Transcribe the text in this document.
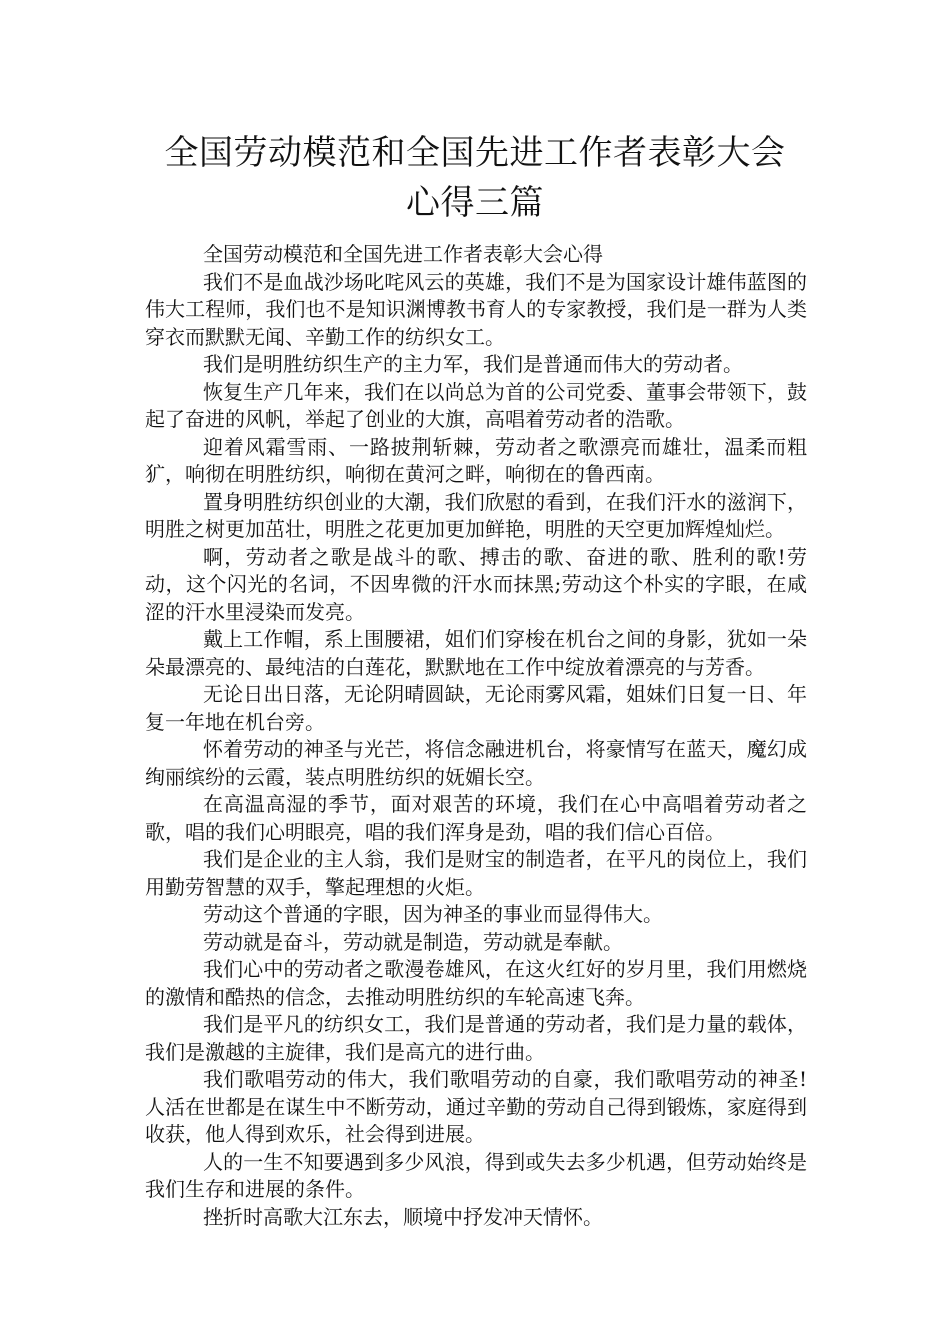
全国劳动模范和全国先进工作者表彰大会
心得三篇

全国劳动模范和全国先进工作者表彰大会心得

我们不是血战沙场叱咤风云的英雄，我们不是为国家设计雄伟蓝图的伟大工程师，我们也不是知识渊博教书育人的专家教授，我们是一群为人类穿衣而默默无闻、辛勤工作的纺织女工。

我们是明胜纺织生产的主力军，我们是普通而伟大的劳动者。

恢复生产几年来，我们在以尚总为首的公司党委、董事会带领下，鼓起了奋进的风帆，举起了创业的大旗，高唱着劳动者的浩歌。

迎着风霜雪雨、一路披荆斩棘，劳动者之歌漂亮而雄壮，温柔而粗犷，响彻在明胜纺织，响彻在黄河之畔，响彻在的鲁西南。

置身明胜纺织创业的大潮，我们欣慰的看到，在我们汗水的滋润下，明胜之树更加茁壮，明胜之花更加更加鲜艳，明胜的天空更加辉煌灿烂。

啊，劳动者之歌是战斗的歌、搏击的歌、奋进的歌、胜利的歌!劳动，这个闪光的名词，不因卑微的汗水而抹黑;劳动这个朴实的字眼，在咸涩的汗水里浸染而发亮。

戴上工作帽，系上围腰裙，姐们们穿梭在机台之间的身影，犹如一朵朵最漂亮的、最纯洁的白莲花，默默地在工作中绽放着漂亮的与芳香。

无论日出日落，无论阴晴圆缺，无论雨雾风霜，姐妹们日复一日、年复一年地在机台旁。

怀着劳动的神圣与光芒，将信念融进机台，将豪情写在蓝天，魔幻成绚丽缤纷的云霞，装点明胜纺织的妩媚长空。

在高温高湿的季节，面对艰苦的环境，我们在心中高唱着劳动者之歌，唱的我们心明眼亮，唱的我们浑身是劲，唱的我们信心百倍。

我们是企业的主人翁，我们是财宝的制造者，在平凡的岗位上，我们用勤劳智慧的双手，擎起理想的火炬。

劳动这个普通的字眼，因为神圣的事业而显得伟大。

劳动就是奋斗，劳动就是制造，劳动就是奉献。

我们心中的劳动者之歌漫卷雄风，在这火红好的岁月里，我们用燃烧的激情和酷热的信念，去推动明胜纺织的车轮高速飞奔。

我们是平凡的纺织女工，我们是普通的劳动者，我们是力量的载体，我们是激越的主旋律，我们是高亢的进行曲。

我们歌唱劳动的伟大，我们歌唱劳动的自豪，我们歌唱劳动的神圣!人活在世都是在谋生中不断劳动，通过辛勤的劳动自己得到锻炼，家庭得到收获，他人得到欢乐，社会得到进展。

人的一生不知要遇到多少风浪，得到或失去多少机遇，但劳动始终是我们生存和进展的条件。

挫折时高歌大江东去，顺境中抒发冲天情怀。
